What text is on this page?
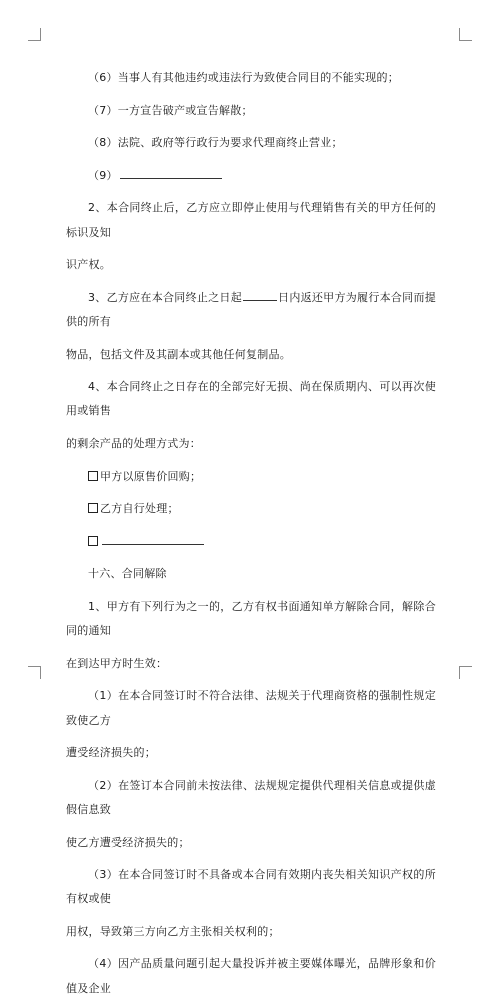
（6）当事人有其他违约或违法行为致使合同目的不能实现的；

（7）一方宣告破产或宣告解散；

（8）法院、政府等行政行为要求代理商终止营业；

（9）

2、本合同终止后，乙方应立即停止使用与代理销售有关的甲方任何的标识及知

识产权。

3、乙方应在本合同终止之日起	日内返还甲方为履行本合同而提供的所有

物品，包括文件及其副本或其他任何复制品。

4、本合同终止之日存在的全部完好无损、尚在保质期内、可以再次使用或销售

的剩余产品的处理方式为：

甲方以原售价回购；

乙方自行处理；

十六、合同解除

1、甲方有下列行为之一的，乙方有权书面通知单方解除合同，解除合同的通知

在到达甲方时生效：

（1）在本合同签订时不符合法律、法规关于代理商资格的强制性规定致使乙方

遭受经济损失的；

（2）在签订本合同前未按法律、法规规定提供代理相关信息或提供虚假信息致

使乙方遭受经济损失的；

（3）在本合同签订时不具备或本合同有效期内丧失相关知识产权的所有权或使

用权，导致第三方向乙方主张相关权利的；

（4）因产品质量问题引起大量投诉并被主要媒体曝光，品牌形象和价值及企业
